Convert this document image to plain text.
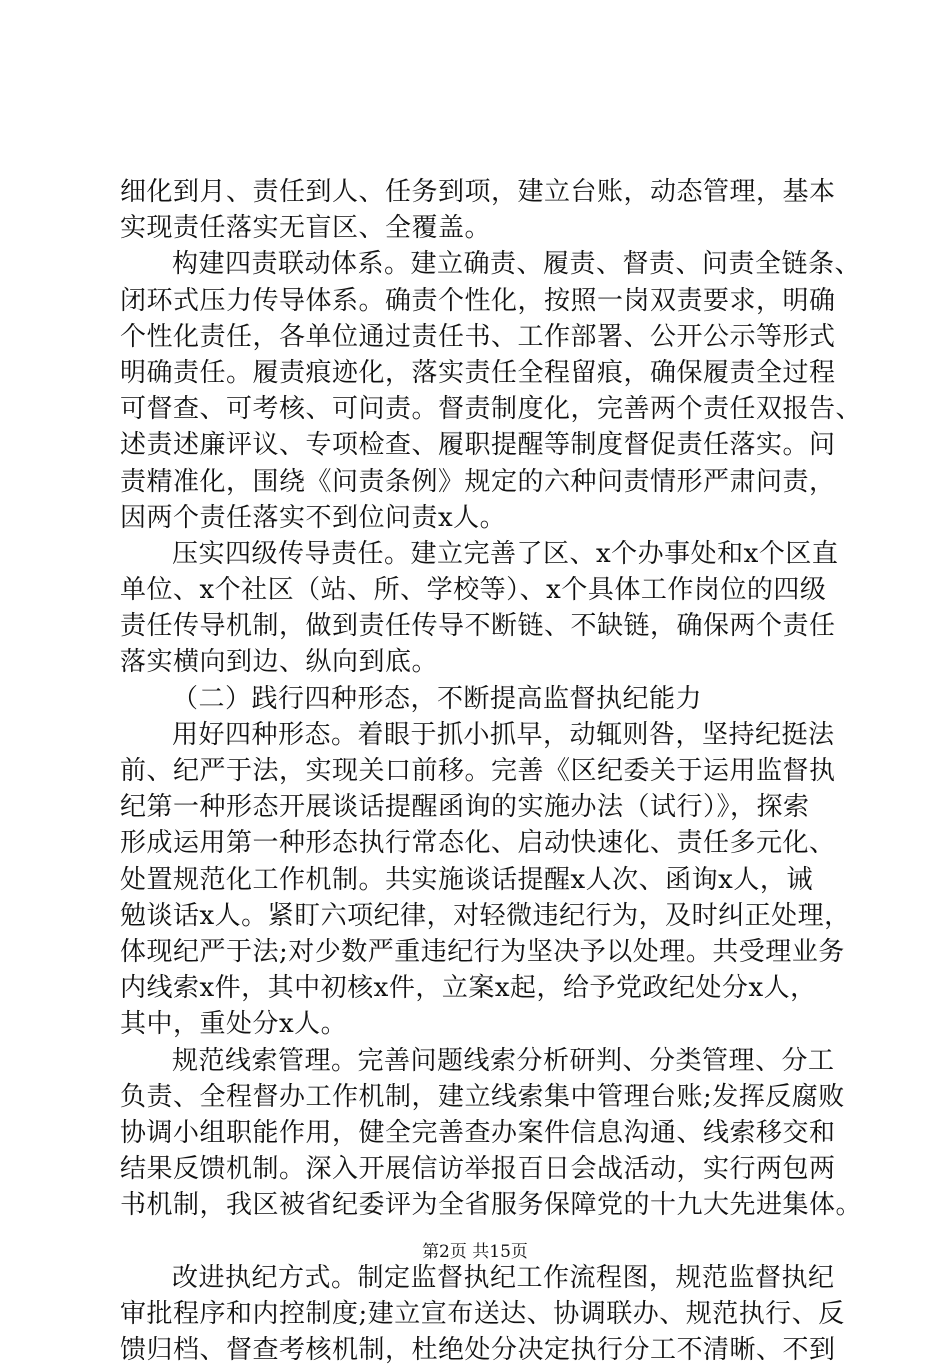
细化到月、责任到人、任务到项，建立台账，动态管理，基本
实现责任落实无盲区、全覆盖。
构建四责联动体系。建立确责、履责、督责、问责全链条、
闭环式压力传导体系。确责个性化，按照一岗双责要求，明确
个性化责任，各单位通过责任书、工作部署、公开公示等形式
明确责任。履责痕迹化，落实责任全程留痕，确保履责全过程
可督查、可考核、可问责。督责制度化，完善两个责任双报告、
述责述廉评议、专项检查、履职提醒等制度督促责任落实。问
责精准化，围绕《问责条例》规定的六种问责情形严肃问责，
因两个责任落实不到位问责x人。
压实四级传导责任。建立完善了区、x个办事处和x个区直
单位、x个社区（站、所、学校等）、x个具体工作岗位的四级
责任传导机制，做到责任传导不断链、不缺链，确保两个责任
落实横向到边、纵向到底。
（二）践行四种形态，不断提高监督执纪能力
用好四种形态。着眼于抓小抓早，动辄则咎，坚持纪挺法
前、纪严于法，实现关口前移。完善《区纪委关于运用监督执
纪第一种形态开展谈话提醒函询的实施办法（试行）》，探索
形成运用第一种形态执行常态化、启动快速化、责任多元化、
处置规范化工作机制。共实施谈话提醒x人次、函询x人，诫
勉谈话x人。紧盯六项纪律，对轻微违纪行为，及时纠正处理，
体现纪严于法;对少数严重违纪行为坚决予以处理。共受理业务
内线索x件，其中初核x件，立案x起，给予党政纪处分x人，
其中，重处分x人。
规范线索管理。完善问题线索分析研判、分类管理、分工
负责、全程督办工作机制，建立线索集中管理台账;发挥反腐败
协调小组职能作用，健全完善查办案件信息沟通、线索移交和
结果反馈机制。深入开展信访举报百日会战活动，实行两包两
书机制，我区被省纪委评为全省服务保障党的十九大先进集体。
改进执纪方式。制定监督执纪工作流程图，规范监督执纪
审批程序和内控制度;建立宣布送达、协调联办、规范执行、反
馈归档、督查考核机制，杜绝处分决定执行分工不清晰、不到
第2页 共15页
